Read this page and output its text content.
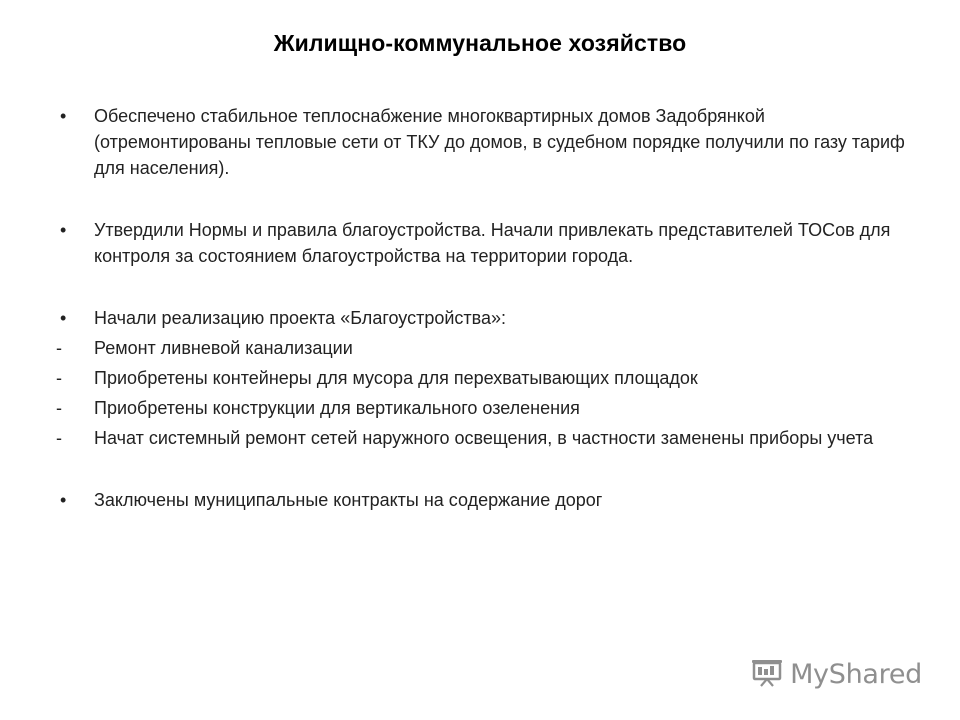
Жилищно-коммунальное хозяйство
•	Обеспечено стабильное теплоснабжение многоквартирных домов Задобрянкой (отремонтированы тепловые сети от ТКУ до домов, в судебном порядке получили по газу тариф для населения).
•	Утвердили Нормы и правила благоустройства. Начали привлекать представителей ТОСов для контроля за состоянием благоустройства на территории города.
•	Начали реализацию проекта «Благоустройства»:
-	Ремонт ливневой канализации
-	Приобретены контейнеры для мусора для перехватывающих площадок
-	Приобретены конструкции для вертикального озеленения
-	Начат системный ремонт сетей наружного освещения, в частности заменены приборы учета
•	Заключены муниципальные контракты на содержание дорог
MyShared
